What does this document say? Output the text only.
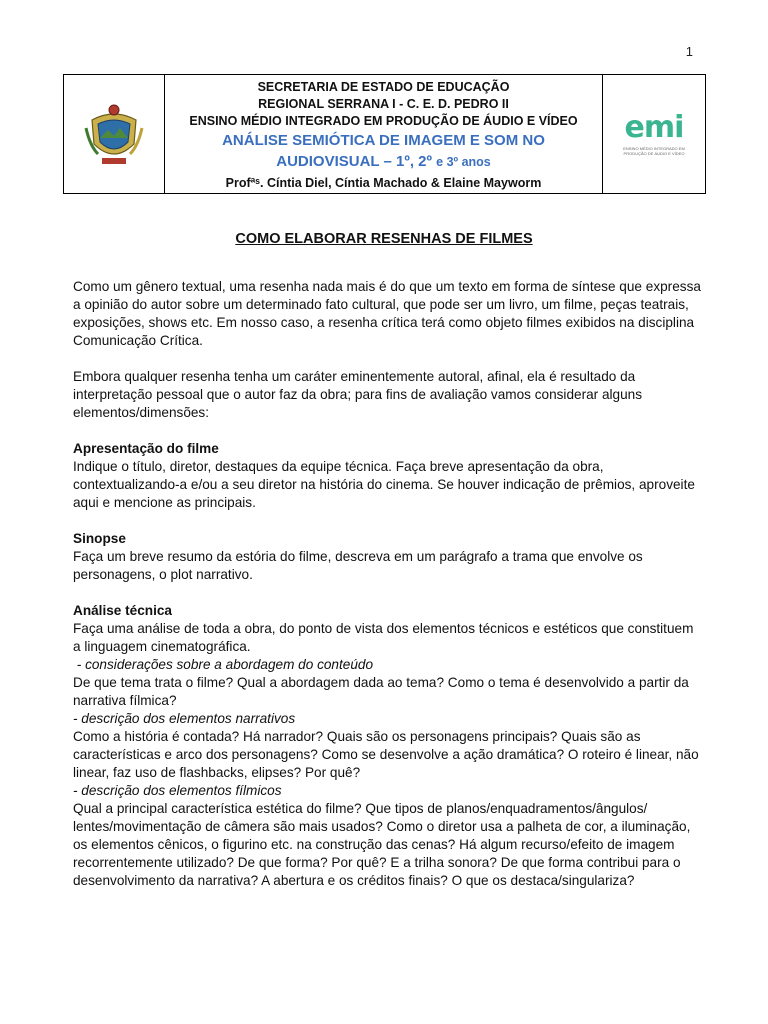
1
SECRETARIA DE ESTADO DE EDUCAÇÃO
REGIONAL SERRANA I - C. E. D. PEDRO II
ENSINO MÉDIO INTEGRADO EM PRODUÇÃO DE ÁUDIO E VÍDEO
ANÁLISE SEMIÓTICA DE IMAGEM E SOM NO
AUDIOVISUAL – 1º, 2º e 3º anos
Profªˢ. Cíntia Diel, Cíntia Machado & Elaine Mayworm
emi
ENSINO MÉDIO INTEGRADO EM PRODUÇÃO DE ÁUDIO E VÍDEO
COMO ELABORAR RESENHAS DE FILMES

Como um gênero textual, uma resenha nada mais é do que um texto em forma de síntese que expressa a opinião do autor sobre um determinado fato cultural, que pode ser um livro, um filme, peças teatrais, exposições, shows etc. Em nosso caso, a resenha crítica terá como objeto filmes exibidos na disciplina Comunicação Crítica.

Embora qualquer resenha tenha um caráter eminentemente autoral, afinal, ela é resultado da interpretação pessoal que o autor faz da obra; para fins de avaliação vamos considerar alguns elementos/dimensões:

Apresentação do filme
Indique o título, diretor, destaques da equipe técnica. Faça breve apresentação da obra, contextualizando-a e/ou a seu diretor na história do cinema. Se houver indicação de prêmios, aproveite aqui e mencione as principais.
Sinopse
Faça um breve resumo da estória do filme, descreva em um parágrafo a trama que envolve os personagens, o plot narrativo.
Análise técnica
Faça uma análise de toda a obra, do ponto de vista dos elementos técnicos e estéticos que constituem a linguagem cinematográfica.
- considerações sobre a abordagem do conteúdo
De que tema trata o filme? Qual a abordagem dada ao tema? Como o tema é desenvolvido a partir da narrativa fílmica?
- descrição dos elementos narrativos
Como a história é contada? Há narrador? Quais são os personagens principais? Quais são as características e arco dos personagens? Como se desenvolve a ação dramática? O roteiro é linear, não linear, faz uso de flashbacks, elipses? Por quê?
- descrição dos elementos fílmicos
Qual a principal característica estética do filme? Que tipos de planos/enquadramentos/ângulos/ lentes/movimentação de câmera são mais usados? Como o diretor usa a palheta de cor, a iluminação, os elementos cênicos, o figurino etc. na construção das cenas? Há algum recurso/efeito de imagem recorrentemente utilizado? De que forma? Por quê? E a trilha sonora? De que forma contribui para o desenvolvimento da narrativa? A abertura e os créditos finais? O que os destaca/singulariza?
